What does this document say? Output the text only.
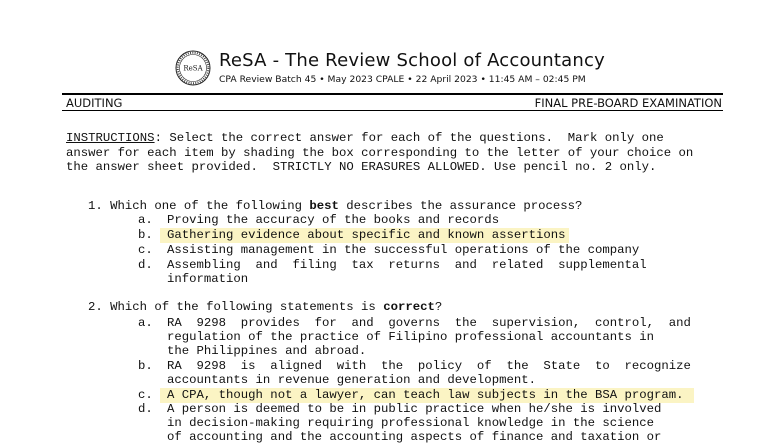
ReSA ReSA - The Review School of Accountancy
CPA Review Batch 45 • May 2023 CPALE • 22 April 2023 • 11:45 AM – 02:45 PM
AUDITING	FINAL PRE-BOARD EXAMINATION
INSTRUCTIONS: Select the correct answer for each of the questions.  Mark only one
answer for each item by shading the box corresponding to the letter of your choice on
the answer sheet provided.  STRICTLY NO ERASURES ALLOWED. Use pencil no. 2 only.
1. Which one of the following best describes the assurance process?
a. Proving the accuracy of the books and records
b.	Gathering evidence about specific and known assertions
c. Assisting management in the successful operations of the company
d. Assembling  and  filing  tax  returns  and  related  supplemental
information
2. Which of the following statements is correct?
a. RA  9298  provides  for  and  governs  the  supervision,  control,  and
regulation of the practice of Filipino professional accountants in
the Philippines and abroad.
b. RA  9298  is  aligned  with  the  policy  of  the  State  to  recognize
accountants in revenue generation and development.
c.	A CPA, though not a lawyer, can teach law subjects in the BSA program.
d. A person is deemed to be in public practice when he/she is involved
in decision-making requiring professional knowledge in the science
of accounting and the accounting aspects of finance and taxation or
